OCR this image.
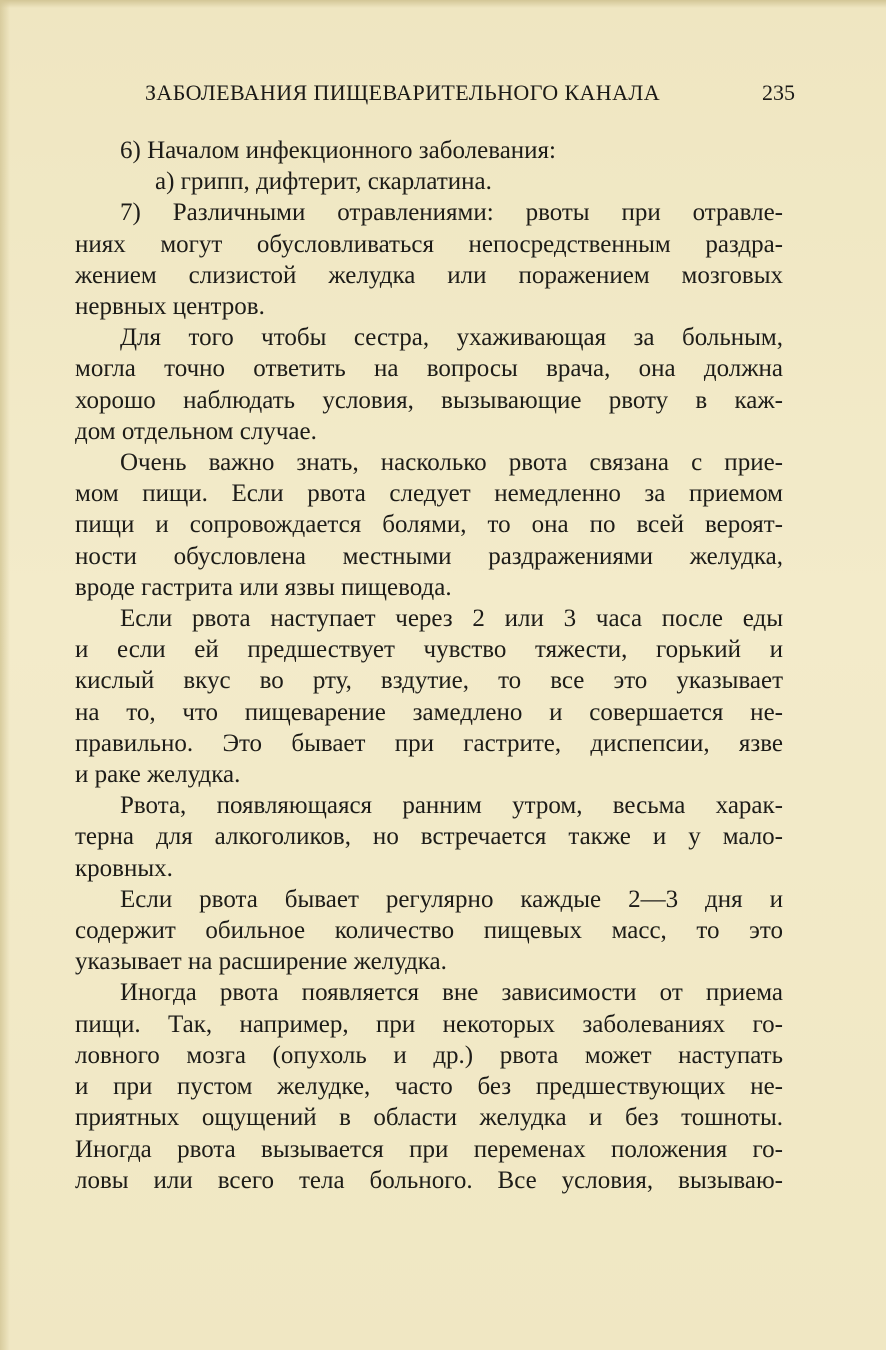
ЗАБОЛЕВАНИЯ ПИЩЕВАРИТЕЛЬНОГО КАНАЛА	235
6) Началом инфекционного заболевания:
а) грипп, дифтерит, скарлатина.
7) Различными отравлениями: рвоты при отравле-
ниях могут обусловливаться непосредственным раздра-
жением слизистой желудка или поражением мозговых
нервных центров.
Для того чтобы сестра, ухаживающая за больным,
могла точно ответить на вопросы врача, она должна
хорошо наблюдать условия, вызывающие рвоту в каж-
дом отдельном случае.
Очень важно знать, насколько рвота связана с прие-
мом пищи. Если рвота следует немедленно за приемом
пищи и сопровождается болями, то она по всей вероят-
ности обусловлена местными раздражениями желудка,
вроде гастрита или язвы пищевода.
Если рвота наступает через 2 или 3 часа после еды
и если ей предшествует чувство тяжести, горький и
кислый вкус во рту, вздутие, то все это указывает
на то, что пищеварение замедлено и совершается не-
правильно. Это бывает при гастрите, диспепсии, язве
и раке желудка.
Рвота, появляющаяся ранним утром, весьма харак-
терна для алкоголиков, но встречается также и у мало-
кровных.
Если рвота бывает регулярно каждые 2—3 дня и
содержит обильное количество пищевых масс, то это
указывает на расширение желудка.
Иногда рвота появляется вне зависимости от приема
пищи. Так, например, при некоторых заболеваниях го-
ловного мозга (опухоль и др.) рвота может наступать
и при пустом желудке, часто без предшествующих не-
приятных ощущений в области желудка и без тошноты.
Иногда рвота вызывается при переменах положения го-
ловы или всего тела больного. Все условия, вызываю-
